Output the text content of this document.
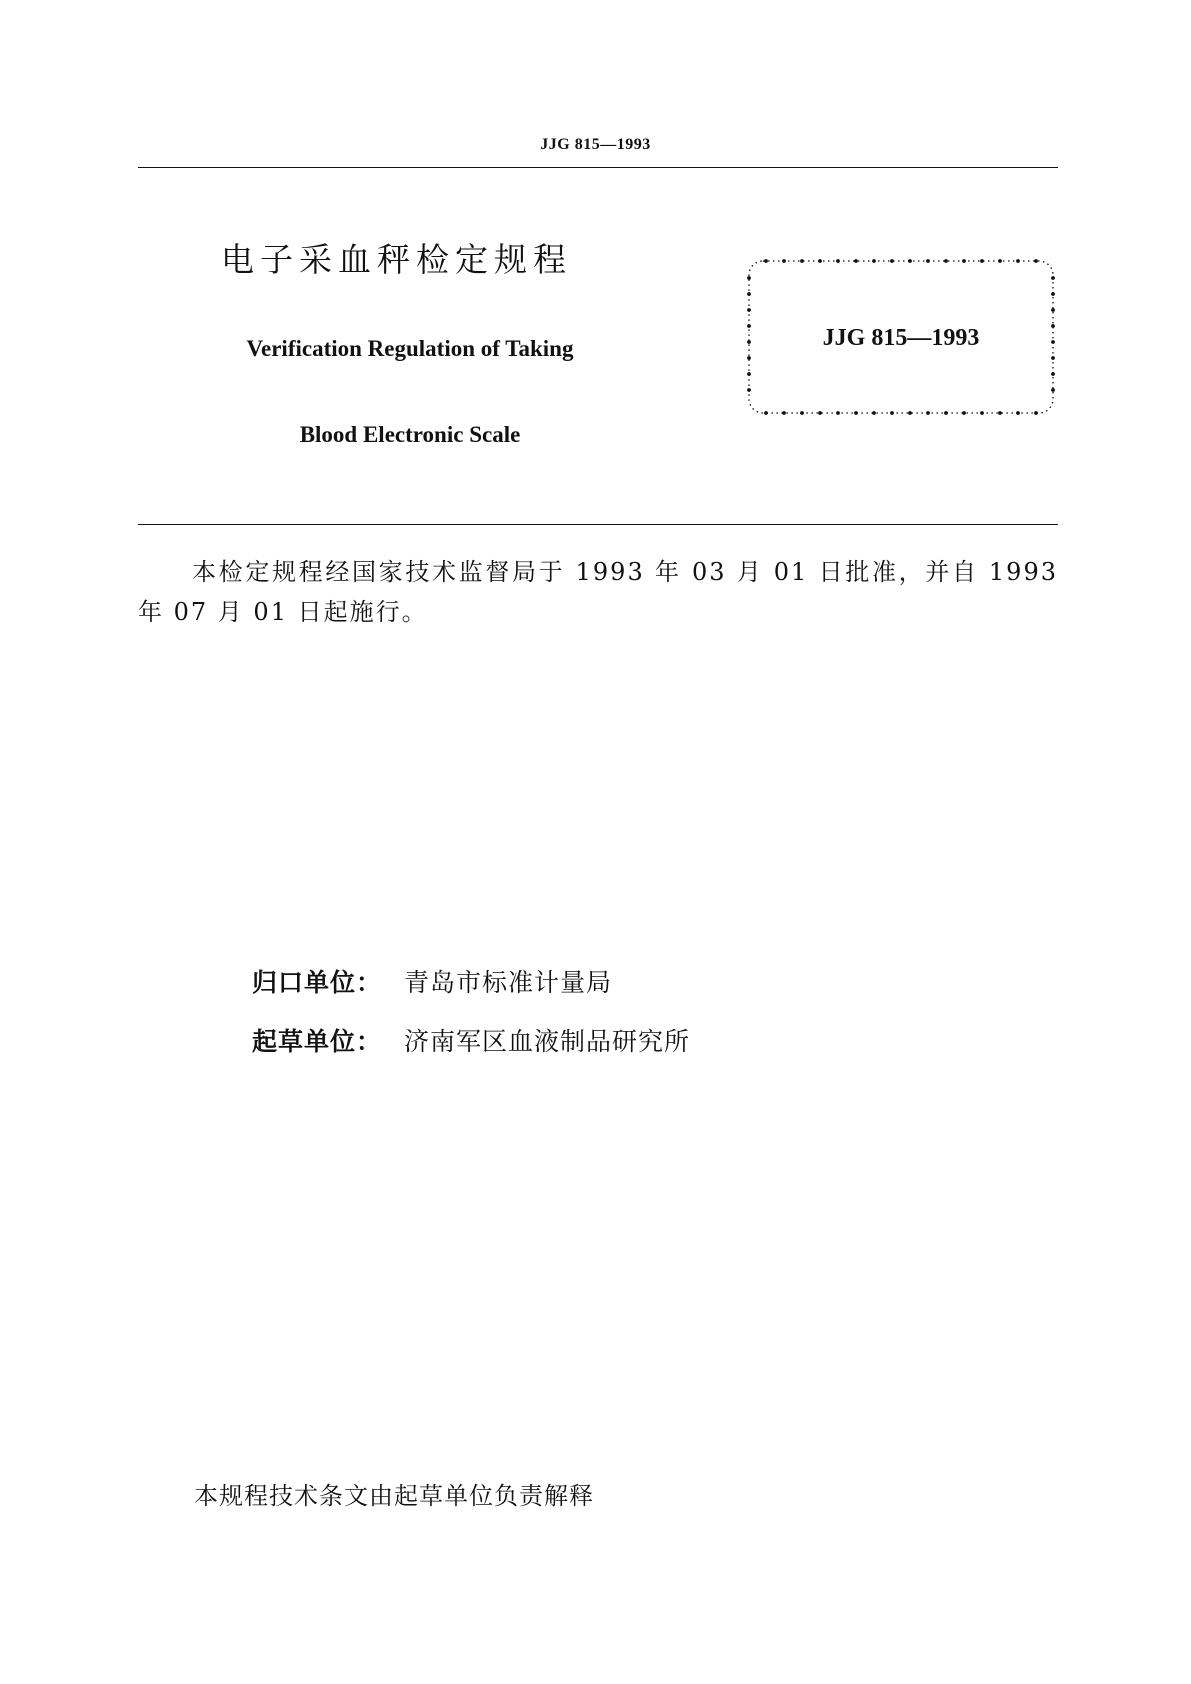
JJG 815—1993
电子采血秤检定规程
Verification Regulation of Taking
Blood Electronic Scale
JJG 815—1993
本检定规程经国家技术监督局于 1993 年 03 月 01 日批准，并自 1993 年 07 月 01 日起施行。
归口单位： 青岛市标准计量局
起草单位： 济南军区血液制品研究所
本规程技术条文由起草单位负责解释
